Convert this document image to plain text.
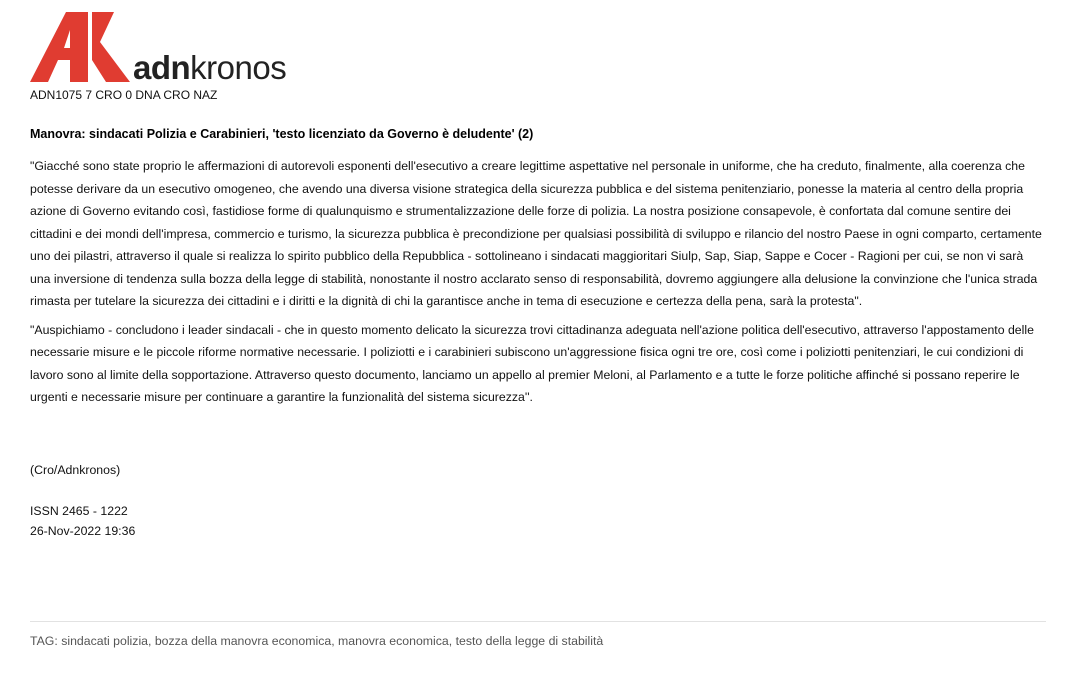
A adnkronos
ADN1075 7 CRO 0 DNA CRO NAZ
Manovra: sindacati Polizia e Carabinieri, 'testo licenziato da Governo è deludente' (2)
"Giacché sono state proprio le affermazioni di autorevoli esponenti dell'esecutivo a creare legittime aspettative nel personale in uniforme, che ha creduto, finalmente, alla coerenza che potesse derivare da un esecutivo omogeneo, che avendo una diversa visione strategica della sicurezza pubblica e del sistema penitenziario, ponesse la materia al centro della propria azione di Governo evitando così, fastidiose forme di qualunquismo e strumentalizzazione delle forze di polizia. La nostra posizione consapevole, è confortata dal comune sentire dei cittadini e dei mondi dell'impresa, commercio e turismo, la sicurezza pubblica è precondizione per qualsiasi possibilità di sviluppo e rilancio del nostro Paese in ogni comparto, certamente uno dei pilastri, attraverso il quale si realizza lo spirito pubblico della Repubblica - sottolineano i sindacati maggioritari Siulp, Sap, Siap, Sappe e Cocer - Ragioni per cui, se non vi sarà una inversione di tendenza sulla bozza della legge di stabilità, nonostante il nostro acclarato senso di responsabilità, dovremo aggiungere alla delusione la convinzione che l'unica strada rimasta per tutelare la sicurezza dei cittadini e i diritti e la dignità di chi la garantisce anche in tema di esecuzione e certezza della pena, sarà la protesta".
"Auspichiamo - concludono i leader sindacali - che in questo momento delicato la sicurezza trovi cittadinanza adeguata nell'azione politica dell'esecutivo, attraverso l'appostamento delle necessarie misure e le piccole riforme normative necessarie. I poliziotti e i carabinieri subiscono un'aggressione fisica ogni tre ore, così come i poliziotti penitenziari, le cui condizioni di lavoro sono al limite della sopportazione. Attraverso questo documento, lanciamo un appello al premier Meloni, al Parlamento e a tutte le forze politiche affinché si possano reperire le urgenti e necessarie misure per continuare a garantire la funzionalità del sistema sicurezza''.
(Cro/Adnkronos)
ISSN 2465 - 1222
26-Nov-2022 19:36
TAG: sindacati polizia, bozza della manovra economica, manovra economica, testo della legge di stabilità
